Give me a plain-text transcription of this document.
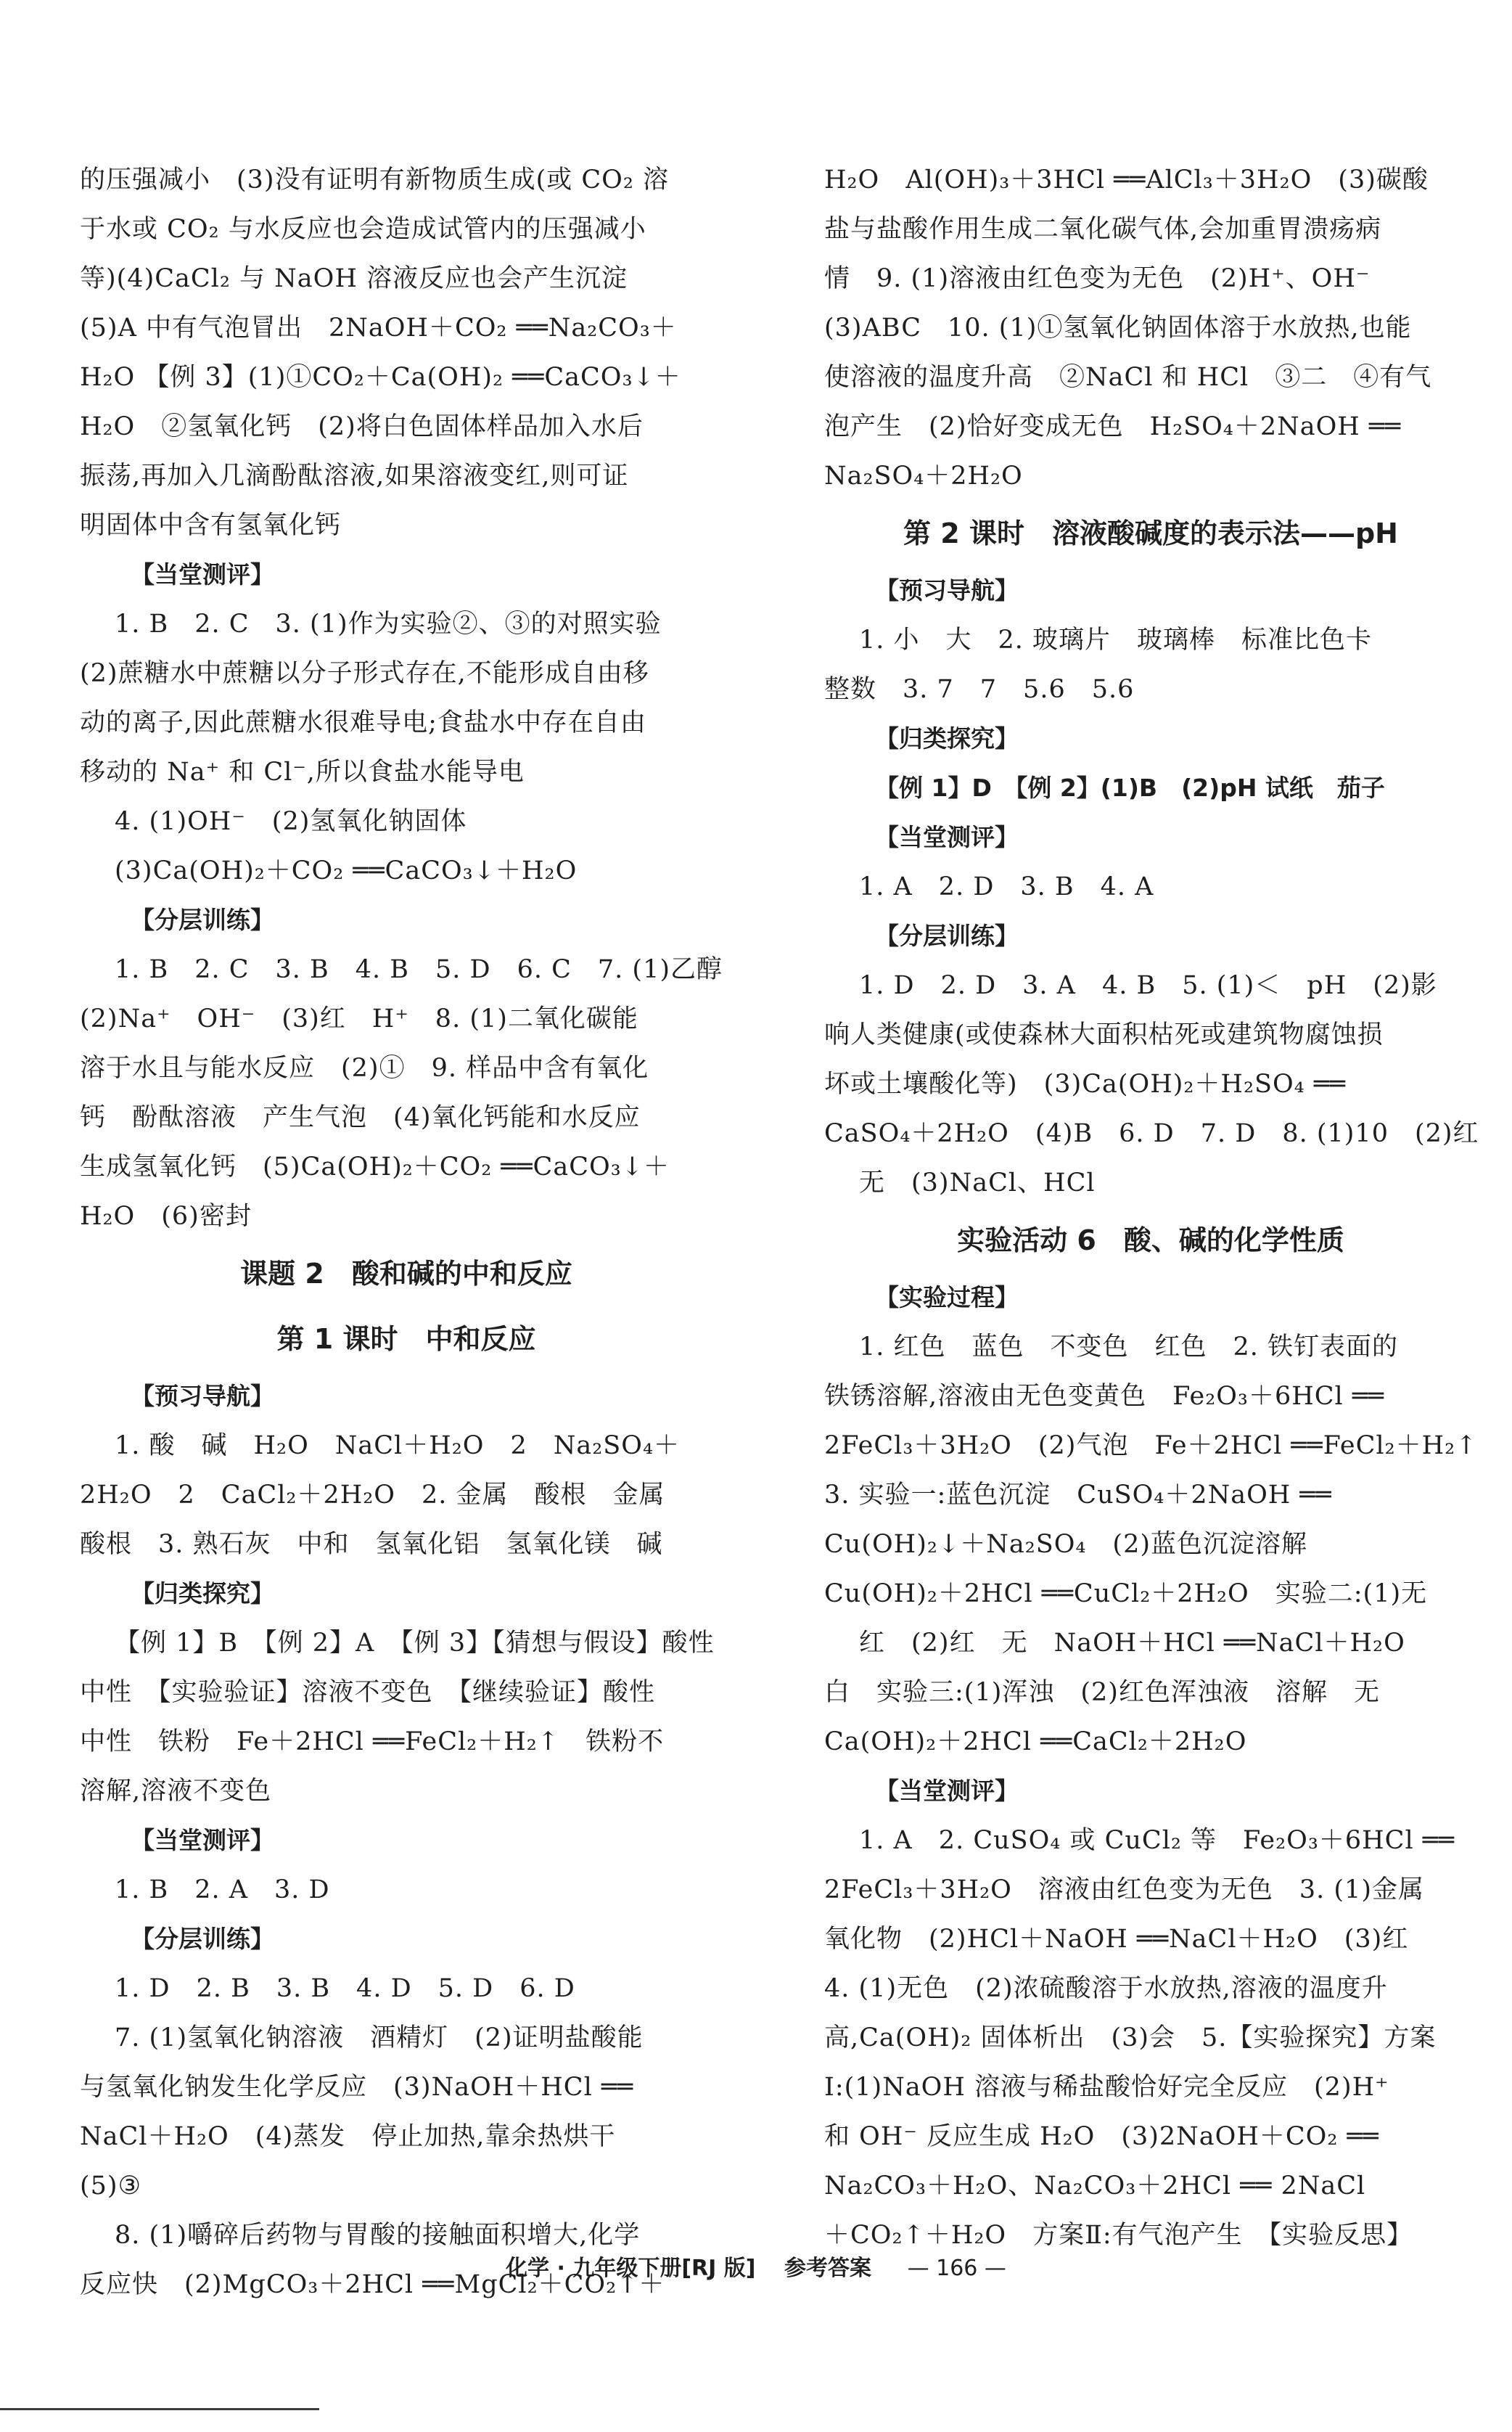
的压强减小　(3)没有证明有新物质生成(或 CO₂ 溶
于水或 CO₂ 与水反应也会造成试管内的压强减小
等)(4)CaCl₂ 与 NaOH 溶液反应也会产生沉淀
(5)A 中有气泡冒出　2NaOH＋CO₂ ══Na₂CO₃＋
H₂O 【例 3】(1)①CO₂＋Ca(OH)₂ ══CaCO₃↓＋
H₂O　②氢氧化钙　(2)将白色固体样品加入水后
振荡,再加入几滴酚酞溶液,如果溶液变红,则可证
明固体中含有氢氧化钙
【当堂测评】
1. B　2. C　3. (1)作为实验②、③的对照实验
(2)蔗糖水中蔗糖以分子形式存在,不能形成自由移
动的离子,因此蔗糖水很难导电;食盐水中存在自由
移动的 Na⁺ 和 Cl⁻,所以食盐水能导电
4. (1)OH⁻　(2)氢氧化钠固体
(3)Ca(OH)₂＋CO₂ ══CaCO₃↓＋H₂O
【分层训练】
1. B　2. C　3. B　4. B　5. D　6. C　7. (1)乙醇
(2)Na⁺　OH⁻　(3)红　H⁺　8. (1)二氧化碳能
溶于水且与能水反应　(2)①　9. 样品中含有氧化
钙　酚酞溶液　产生气泡　(4)氧化钙能和水反应
生成氢氧化钙　(5)Ca(OH)₂＋CO₂ ══CaCO₃↓＋
H₂O　(6)密封
课题 2　酸和碱的中和反应
第 1 课时　中和反应
【预习导航】
1. 酸　碱　H₂O　NaCl＋H₂O　2　Na₂SO₄＋
2H₂O　2　CaCl₂＋2H₂O　2. 金属　酸根　金属
酸根　3. 熟石灰　中和　氢氧化铝　氢氧化镁　碱
【归类探究】
【例 1】B　【例 2】A　【例 3】【猜想与假设】酸性
中性　【实验验证】溶液不变色　【继续验证】酸性
中性　铁粉　Fe＋2HCl ══FeCl₂＋H₂↑　铁粉不
溶解,溶液不变色
【当堂测评】
1. B　2. A　3. D
【分层训练】
1. D　2. B　3. B　4. D　5. D　6. D
7. (1)氢氧化钠溶液　酒精灯　(2)证明盐酸能
与氢氧化钠发生化学反应　(3)NaOH＋HCl ══
NaCl＋H₂O　(4)蒸发　停止加热,靠余热烘干
(5)③
8. (1)嚼碎后药物与胃酸的接触面积增大,化学
反应快　(2)MgCO₃＋2HCl ══MgCl₂＋CO₂↑＋
H₂O　Al(OH)₃＋3HCl ══AlCl₃＋3H₂O　(3)碳酸
盐与盐酸作用生成二氧化碳气体,会加重胃溃疡病
情　9. (1)溶液由红色变为无色　(2)H⁺、OH⁻
(3)ABC　10. (1)①氢氧化钠固体溶于水放热,也能
使溶液的温度升高　②NaCl 和 HCl　③二　④有气
泡产生　(2)恰好变成无色　H₂SO₄＋2NaOH ══
Na₂SO₄＋2H₂O
第 2 课时　溶液酸碱度的表示法——pH
【预习导航】
1. 小　大　2. 玻璃片　玻璃棒　标准比色卡
整数　3. 7　7　5.6　5.6
【归类探究】
【例 1】D　【例 2】(1)B　(2)pH 试纸　茄子
【当堂测评】
1. A　2. D　3. B　4. A
【分层训练】
1. D　2. D　3. A　4. B　5. (1)＜　pH　(2)影
响人类健康(或使森林大面积枯死或建筑物腐蚀损
坏或土壤酸化等)　(3)Ca(OH)₂＋H₂SO₄ ══
CaSO₄＋2H₂O　(4)B　6. D　7. D　8. (1)10　(2)红
无　(3)NaCl、HCl
实验活动 6　酸、碱的化学性质
【实验过程】
1. 红色　蓝色　不变色　红色　2. 铁钉表面的
铁锈溶解,溶液由无色变黄色　Fe₂O₃＋6HCl ══
2FeCl₃＋3H₂O　(2)气泡　Fe＋2HCl ══FeCl₂＋H₂↑
3. 实验一:蓝色沉淀　CuSO₄＋2NaOH ══
Cu(OH)₂↓＋Na₂SO₄　(2)蓝色沉淀溶解
Cu(OH)₂＋2HCl ══CuCl₂＋2H₂O　实验二:(1)无
红　(2)红　无　NaOH＋HCl ══NaCl＋H₂O
白　实验三:(1)浑浊　(2)红色浑浊液　溶解　无
Ca(OH)₂＋2HCl ══CaCl₂＋2H₂O
【当堂测评】
1. A　2. CuSO₄ 或 CuCl₂ 等　Fe₂O₃＋6HCl ══
2FeCl₃＋3H₂O　溶液由红色变为无色　3. (1)金属
氧化物　(2)HCl＋NaOH ══NaCl＋H₂O　(3)红
4. (1)无色　(2)浓硫酸溶于水放热,溶液的温度升
高,Ca(OH)₂ 固体析出　(3)会　5.【实验探究】方案
Ⅰ:(1)NaOH 溶液与稀盐酸恰好完全反应　(2)H⁺
和 OH⁻ 反应生成 H₂O　(3)2NaOH＋CO₂ ══
Na₂CO₃＋H₂O、Na₂CO₃＋2HCl ══ 2NaCl
＋CO₂↑＋H₂O　方案Ⅱ:有气泡产生　【实验反思】
化学 · 九年级下册[RJ 版] 参考答案 — 166 —
